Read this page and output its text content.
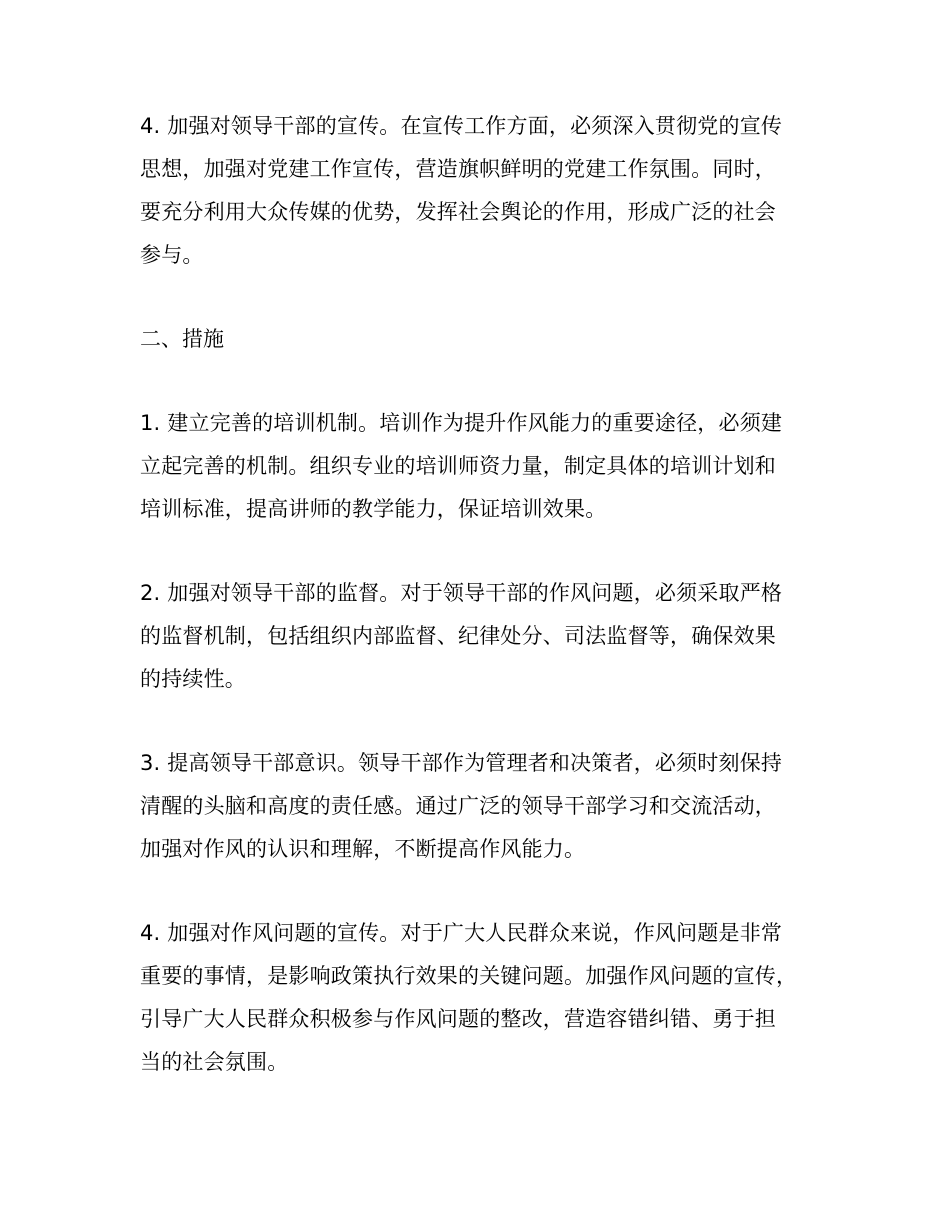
4. 加强对领导干部的宣传。在宣传工作方面，必须深入贯彻党的宣传
思想，加强对党建工作宣传，营造旗帜鲜明的党建工作氛围。同时，
要充分利用大众传媒的优势，发挥社会舆论的作用，形成广泛的社会
参与。

二、措施

1. 建立完善的培训机制。培训作为提升作风能力的重要途径，必须建
立起完善的机制。组织专业的培训师资力量，制定具体的培训计划和
培训标准，提高讲师的教学能力，保证培训效果。

2. 加强对领导干部的监督。对于领导干部的作风问题，必须采取严格
的监督机制，包括组织内部监督、纪律处分、司法监督等，确保效果
的持续性。

3. 提高领导干部意识。领导干部作为管理者和决策者，必须时刻保持
清醒的头脑和高度的责任感。通过广泛的领导干部学习和交流活动，
加强对作风的认识和理解，不断提高作风能力。

4. 加强对作风问题的宣传。对于广大人民群众来说，作风问题是非常
重要的事情，是影响政策执行效果的关键问题。加强作风问题的宣传，
引导广大人民群众积极参与作风问题的整改，营造容错纠错、勇于担
当的社会氛围。
